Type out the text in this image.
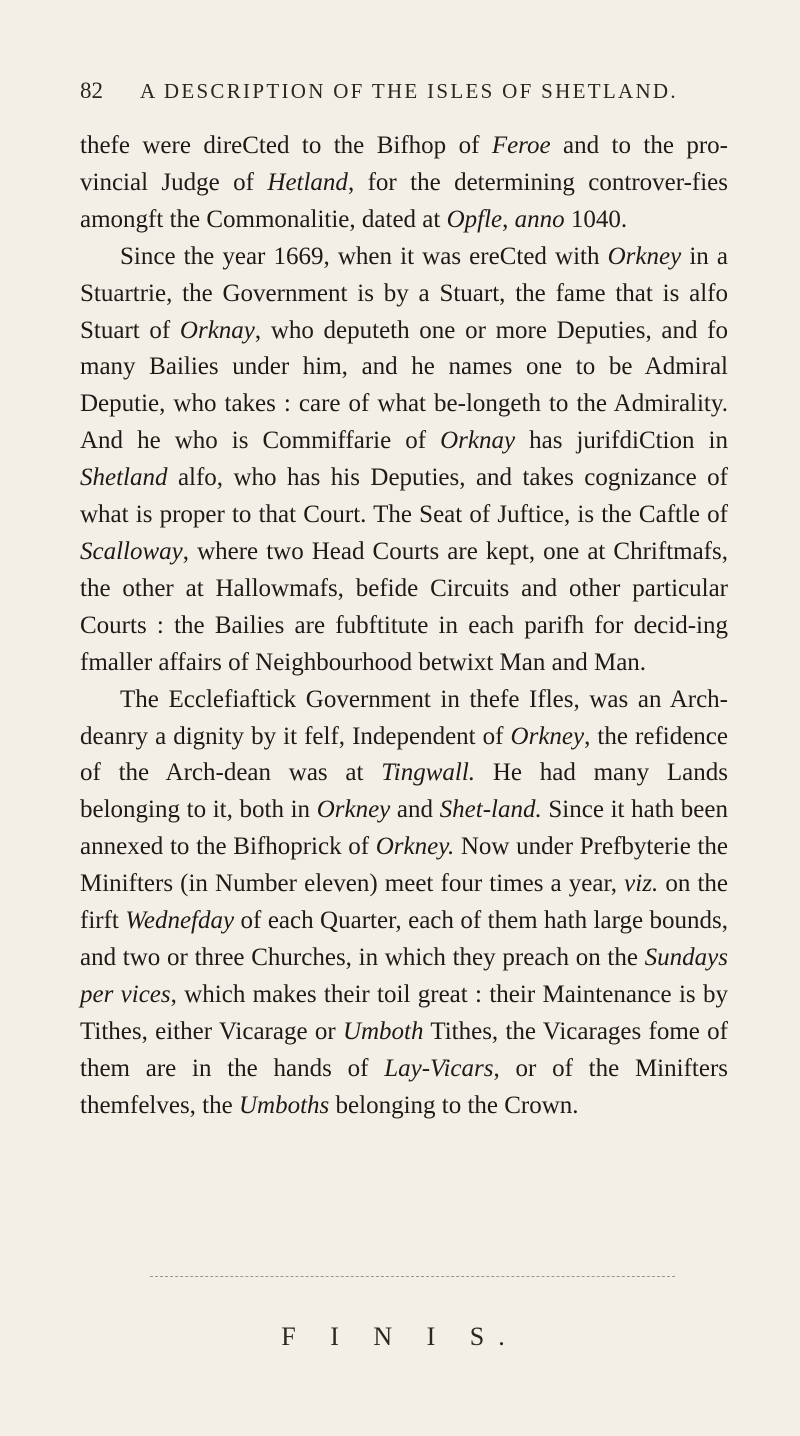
82	A DESCRIPTION OF THE ISLES OF SHETLAND.

thefe were direCted to the Bifhop of Feroe and to the pro-vincial Judge of Hetland, for the determining controver-fies amongft the Commonalitie, dated at Opfle, anno 1040.

Since the year 1669, when it was ereCted with Orkney in a Stuartrie, the Government is by a Stuart, the fame that is alfo Stuart of Orknay, who deputeth one or more Deputies, and fo many Bailies under him, and he names one to be Admiral Deputie, who takes : care of what be-longeth to the Admirality. And he who is Commiffarie of Orknay has jurifdiCtion in Shetland alfo, who has his Deputies, and takes cognizance of what is proper to that Court. The Seat of Juftice, is the Caftle of Scalloway, where two Head Courts are kept, one at Chriftmafs, the other at Hallowmafs, befide Circuits and other particular Courts : the Bailies are fubftitute in each parifh for decid-ing fmaller affairs of Neighbourhood betwixt Man and Man.

The Ecclefiaftick Government in thefe Ifles, was an Arch-deanry a dignity by it felf, Independent of Orkney, the refidence of the Arch-dean was at Tingwall. He had many Lands belonging to it, both in Orkney and Shet-land. Since it hath been annexed to the Bifhoprick of Orkney. Now under Prefbyterie the Minifters (in Number eleven) meet four times a year, viz. on the firft Wednefday of each Quarter, each of them hath large bounds, and two or three Churches, in which they preach on the Sundays per vices, which makes their toil great : their Maintenance is by Tithes, either Vicarage or Umboth Tithes, the Vicarages fome of them are in the hands of Lay-Vicars, or of the Minifters themfelves, the Umboths belonging to the Crown.

F I N I S.
